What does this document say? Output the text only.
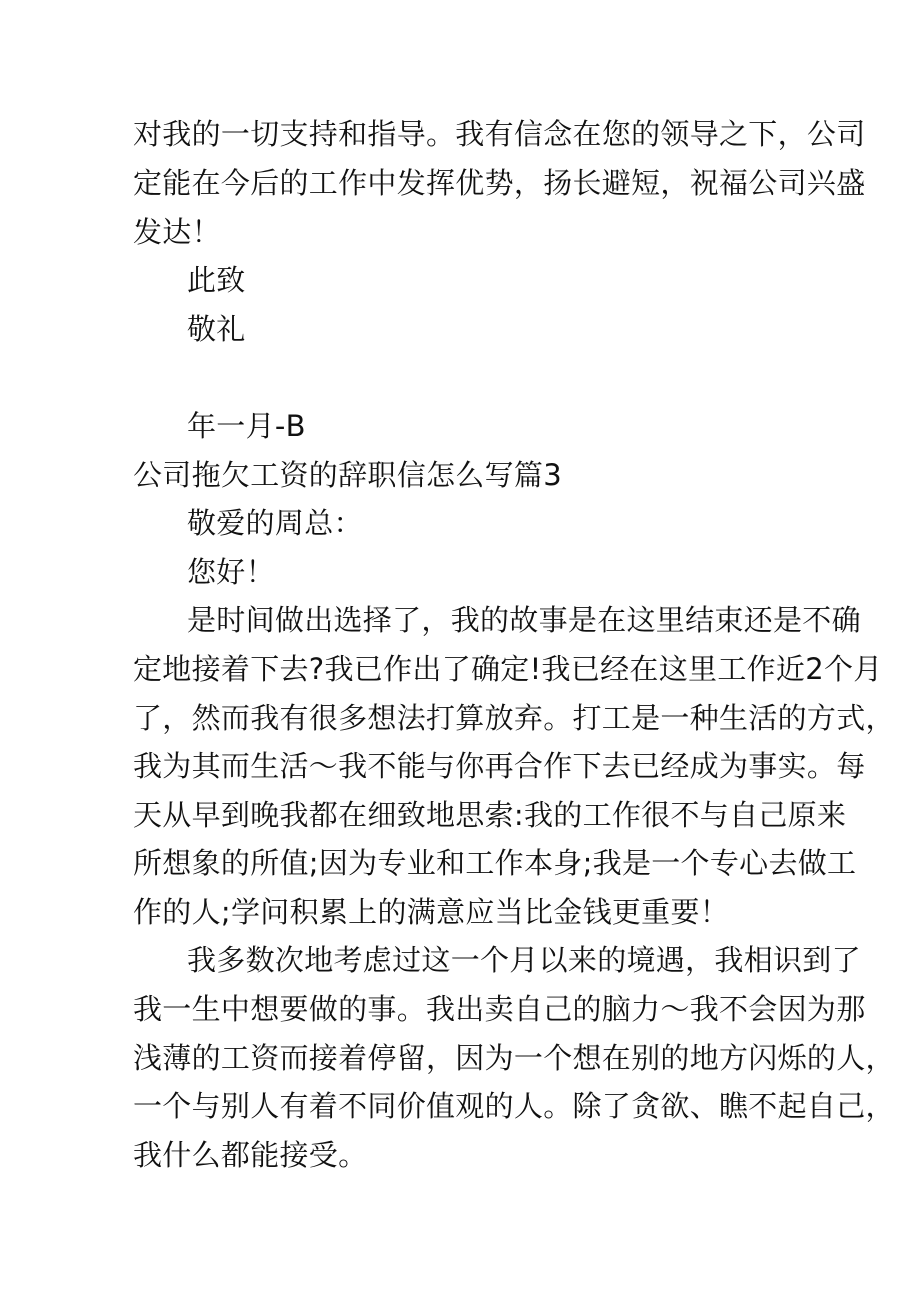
对我的一切支持和指导。我有信念在您的领导之下，公司
定能在今后的工作中发挥优势，扬长避短，祝福公司兴盛
发达！
此致
敬礼
年一月-B
公司拖欠工资的辞职信怎么写篇3
敬爱的周总：
您好！
是时间做出选择了，我的故事是在这里结束还是不确
定地接着下去?我已作出了确定!我已经在这里工作近2个月
了，然而我有很多想法打算放弃。打工是一种生活的方式，
我为其而生活〜我不能与你再合作下去已经成为事实。每
天从早到晚我都在细致地思索:我的工作很不与自己原来
所想象的所值;因为专业和工作本身;我是一个专心去做工
作的人;学问积累上的满意应当比金钱更重要！
我多数次地考虑过这一个月以来的境遇，我相识到了
我一生中想要做的事。我出卖自己的脑力〜我不会因为那
浅薄的工资而接着停留，因为一个想在别的地方闪烁的人，
一个与别人有着不同价值观的人。除了贪欲、瞧不起自己，
我什么都能接受。
